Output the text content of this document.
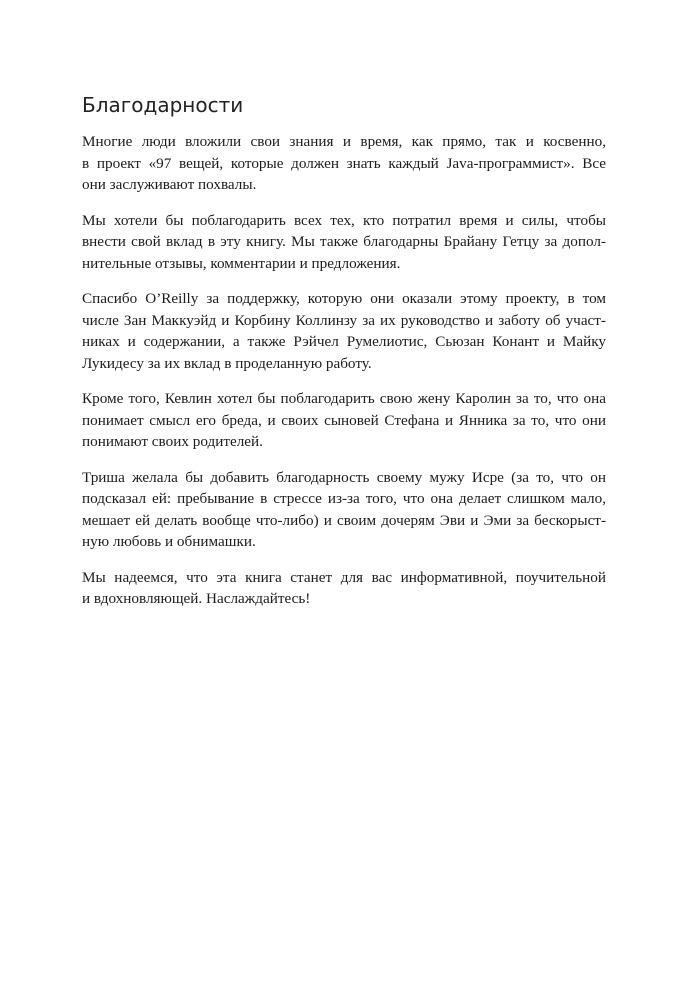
Благодарности

Многие люди вложили свои знания и время, как прямо, так и косвенно,
в проект «97 вещей, которые должен знать каждый Java-программист». Все
они заслуживают похвалы.

Мы хотели бы поблагодарить всех тех, кто потратил время и силы, чтобы
внести свой вклад в эту книгу. Мы также благодарны Брайану Гетцу за допол-
нительные отзывы, комментарии и предложения.

Спасибо O’Reilly за поддержку, которую они оказали этому проекту, в том
числе Зан Маккуэйд и Корбину Коллинзу за их руководство и заботу об участ-
никах и содержании, а также Рэйчел Румелиотис, Сьюзан Конант и Майку
Лукидесу за их вклад в проделанную работу.

Кроме того, Кевлин хотел бы поблагодарить свою жену Каролин за то, что она
понимает смысл его бреда, и своих сыновей Стефана и Янника за то, что они
понимают своих родителей.

Триша желала бы добавить благодарность своему мужу Исре (за то, что он
подсказал ей: пребывание в стрессе из-за того, что она делает слишком мало,
мешает ей делать вообще что-либо) и своим дочерям Эви и Эми за бескорыст-
ную любовь и обнимашки.

Мы надеемся, что эта книга станет для вас информативной, поучительной
и вдохновляющей. Наслаждайтесь!
